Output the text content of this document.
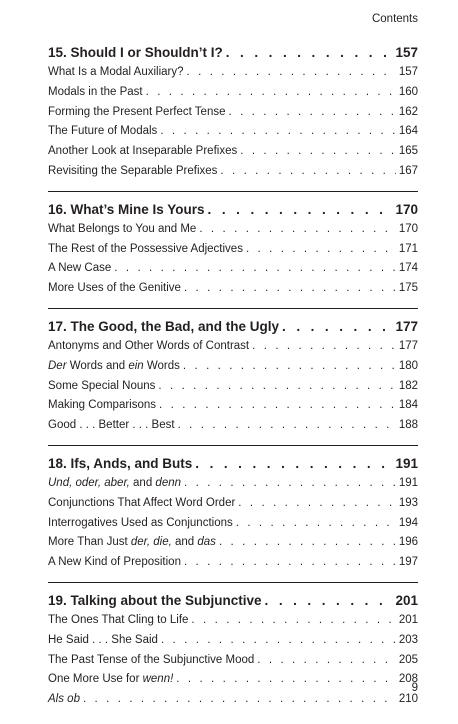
Contents
15. Should I or Shouldn’t I? . . .	157
What Is a Modal Auxiliary? . . .	157
Modals in the Past . . .	160
Forming the Present Perfect Tense . . .	162
The Future of Modals . . .	164
Another Look at Inseparable Prefixes . . .	165
Revisiting the Separable Prefixes . . .	167
16. What’s Mine Is Yours . . .	170
What Belongs to You and Me . . .	170
The Rest of the Possessive Adjectives . . .	171
A New Case . . .	174
More Uses of the Genitive . . .	175
17. The Good, the Bad, and the Ugly . . .	177
Antonyms and Other Words of Contrast . . .	177
Der Words and ein Words . . .	180
Some Special Nouns . . .	182
Making Comparisons . . .	184
Good . . . Better . . . Best . . .	188
18. Ifs, Ands, and Buts . . .	191
Und, oder, aber, and denn . . .	191
Conjunctions That Affect Word Order . . .	193
Interrogatives Used as Conjunctions . . .	194
More Than Just der, die, and das . . .	196
A New Kind of Preposition . . .	197
19. Talking about the Subjunctive . . .	201
The Ones That Cling to Life . . .	201
He Said . . . She Said . . .	203
The Past Tense of the Subjunctive Mood . . .	205
One More Use for wenn! . . .	208
Als ob . . .	210
9
